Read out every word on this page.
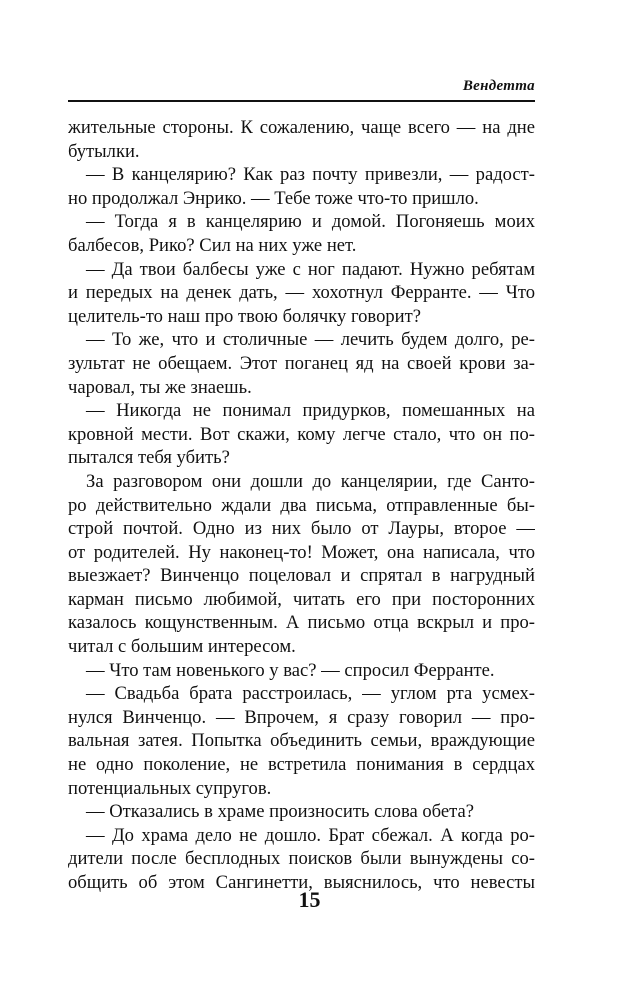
Вендетта
жительные стороны. К сожалению, чаще всего — на дне
бутылки.
— В канцелярию? Как раз почту привезли, — радост-
но продолжал Энрико. — Тебе тоже что-то пришло.
— Тогда я в канцелярию и домой. Погоняешь моих
балбесов, Рико? Сил на них уже нет.
— Да твои балбесы уже с ног падают. Нужно ребятам
и передых на денек дать, — хохотнул Ферранте. — Что
целитель-то наш про твою болячку говорит?
— То же, что и столичные — лечить будем долго, ре-
зультат не обещаем. Этот поганец яд на своей крови за-
чаровал, ты же знаешь.
— Никогда не понимал придурков, помешанных на
кровной мести. Вот скажи, кому легче стало, что он по-
пытался тебя убить?
За разговором они дошли до канцелярии, где Санто-
ро действительно ждали два письма, отправленные бы-
строй почтой. Одно из них было от Лауры, второе —
от родителей. Ну наконец-то! Может, она написала, что
выезжает? Винченцо поцеловал и спрятал в нагрудный
карман письмо любимой, читать его при посторонних
казалось кощунственным. А письмо отца вскрыл и про-
читал с большим интересом.
— Что там новенького у вас? — спросил Ферранте.
— Свадьба брата расстроилась, — углом рта усмех-
нулся Винченцо. — Впрочем, я сразу говорил — про-
вальная затея. Попытка объединить семьи, враждующие
не одно поколение, не встретила понимания в сердцах
потенциальных супругов.
— Отказались в храме произносить слова обета?
— До храма дело не дошло. Брат сбежал. А когда ро-
дители после бесплодных поисков были вынуждены со-
общить об этом Сангинетти, выяснилось, что невесты
15
